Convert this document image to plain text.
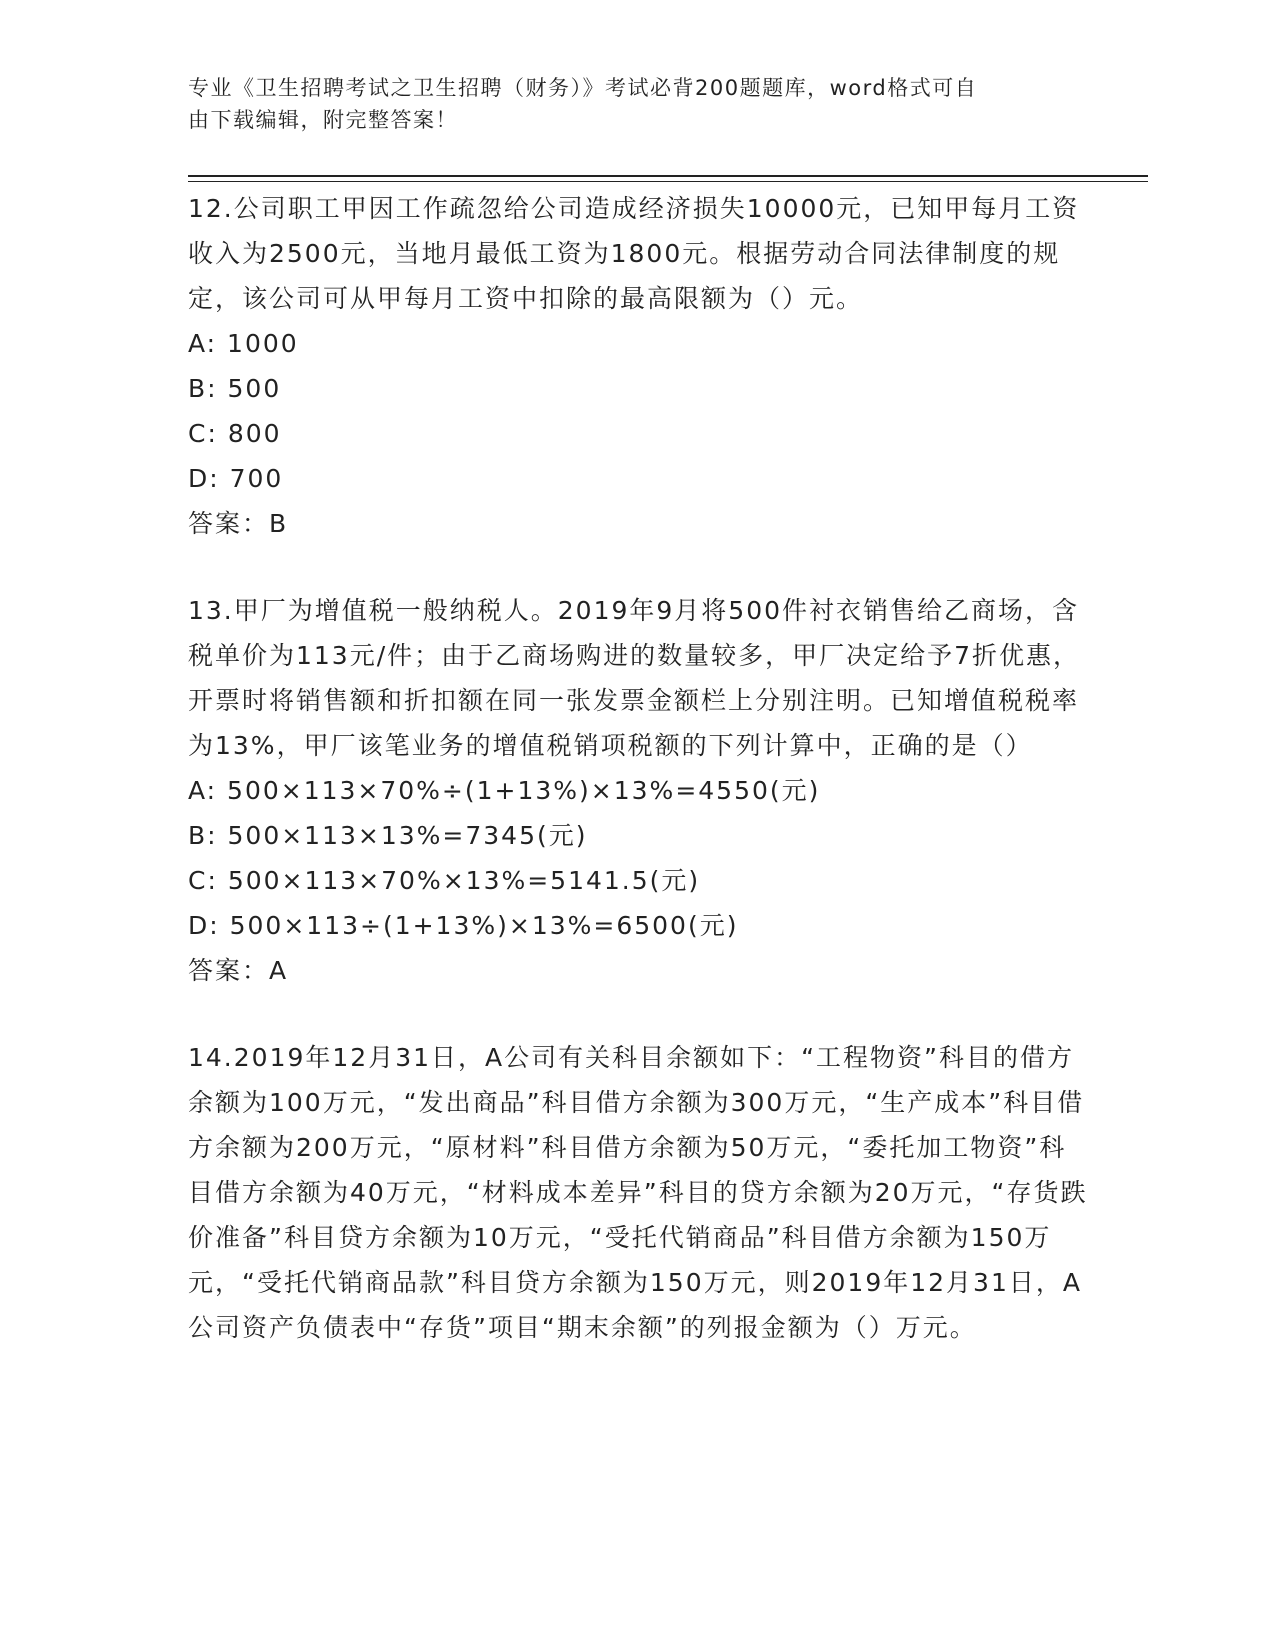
专业《卫生招聘考试之卫生招聘（财务）》考试必背200题题库，word格式可自
由下载编辑，附完整答案！

12.公司职工甲因工作疏忽给公司造成经济损失10000元，已知甲每月工资收入为2500元，当地月最低工资为1800元。根据劳动合同法律制度的规定，该公司可从甲每月工资中扣除的最高限额为（）元。

A: 1000

B: 500

C: 800

D: 700

答案：B

13.甲厂为增值税一般纳税人。2019年9月将500件衬衣销售给乙商场，含税单价为113元/件；由于乙商场购进的数量较多，甲厂决定给予7折优惠，开票时将销售额和折扣额在同一张发票金额栏上分别注明。已知增值税税率为13%，甲厂该笔业务的增值税销项税额的下列计算中，正确的是（）

A: 500×113×70%÷(1+13%)×13%=4550(元)

B: 500×113×13%=7345(元)

C: 500×113×70%×13%=5141.5(元)

D: 500×113÷(1+13%)×13%=6500(元)

答案：A

14.2019年12月31日，A公司有关科目余额如下：“工程物资”科目的借方余额为100万元，“发出商品”科目借方余额为300万元，“生产成本”科目借方余额为200万元，“原材料”科目借方余额为50万元，“委托加工物资”科目借方余额为40万元，“材料成本差异”科目的贷方余额为20万元，“存货跌价准备”科目贷方余额为10万元，“受托代销商品”科目借方余额为150万元，“受托代销商品款”科目贷方余额为150万元，则2019年12月31日，A公司资产负债表中“存货”项目“期末余额”的列报金额为（）万元。
